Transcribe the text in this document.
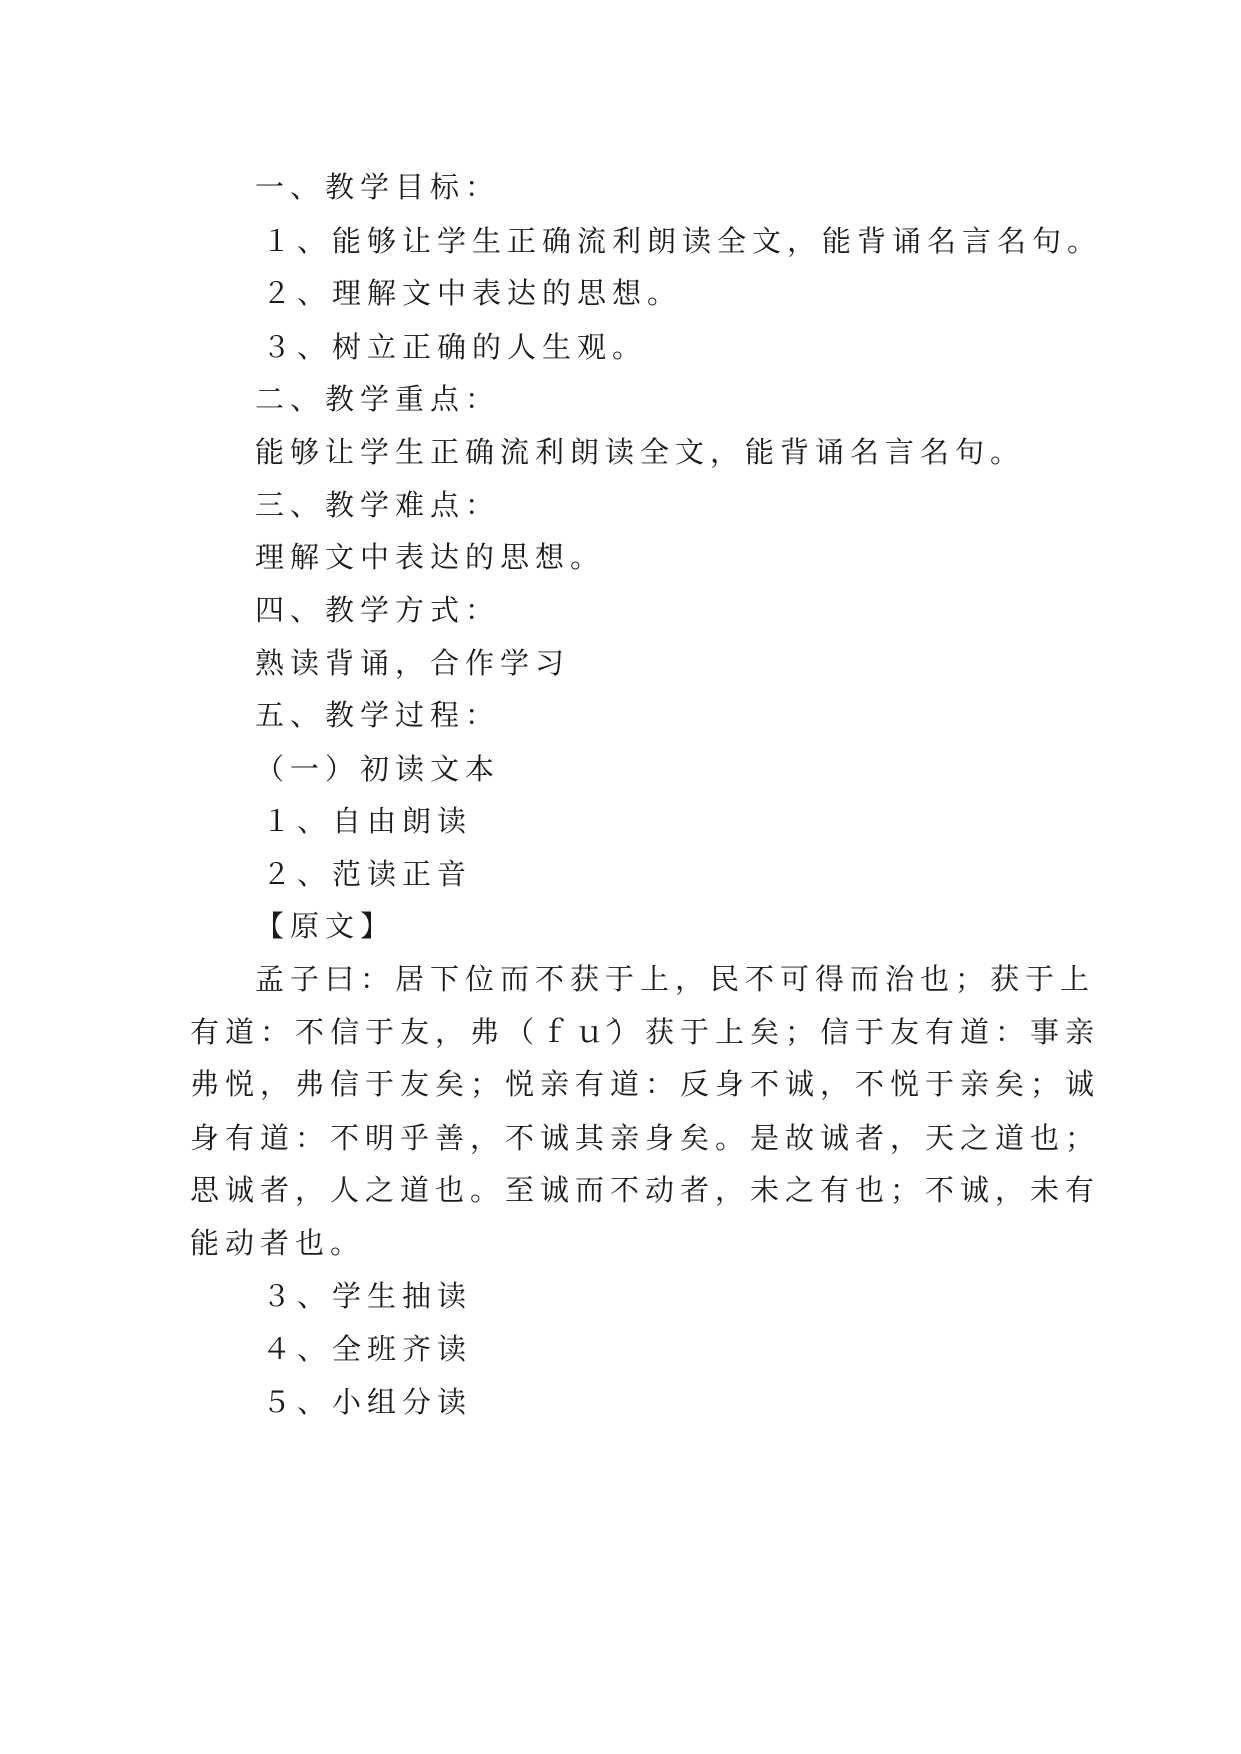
一、教学目标：
１、能够让学生正确流利朗读全文，能背诵名言名句。
２、理解文中表达的思想。
３、树立正确的人生观。
二、教学重点：
能够让学生正确流利朗读全文，能背诵名言名句。
三、教学难点：
理解文中表达的思想。
四、教学方式：
熟读背诵，合作学习
五、教学过程：
（一）初读文本
１、自由朗读
２、范读正音
【原文】
孟子曰：居下位而不获于上，民不可得而治也；获于上
有道：不信于友，弗（ｆｕ́）获于上矣；信于友有道：事亲
弗悦，弗信于友矣；悦亲有道：反身不诚，不悦于亲矣；诚
身有道：不明乎善，不诚其亲身矣。是故诚者，天之道也；
思诚者，人之道也。至诚而不动者，未之有也；不诚，未有
能动者也。
３、学生抽读
４、全班齐读
５、小组分读
